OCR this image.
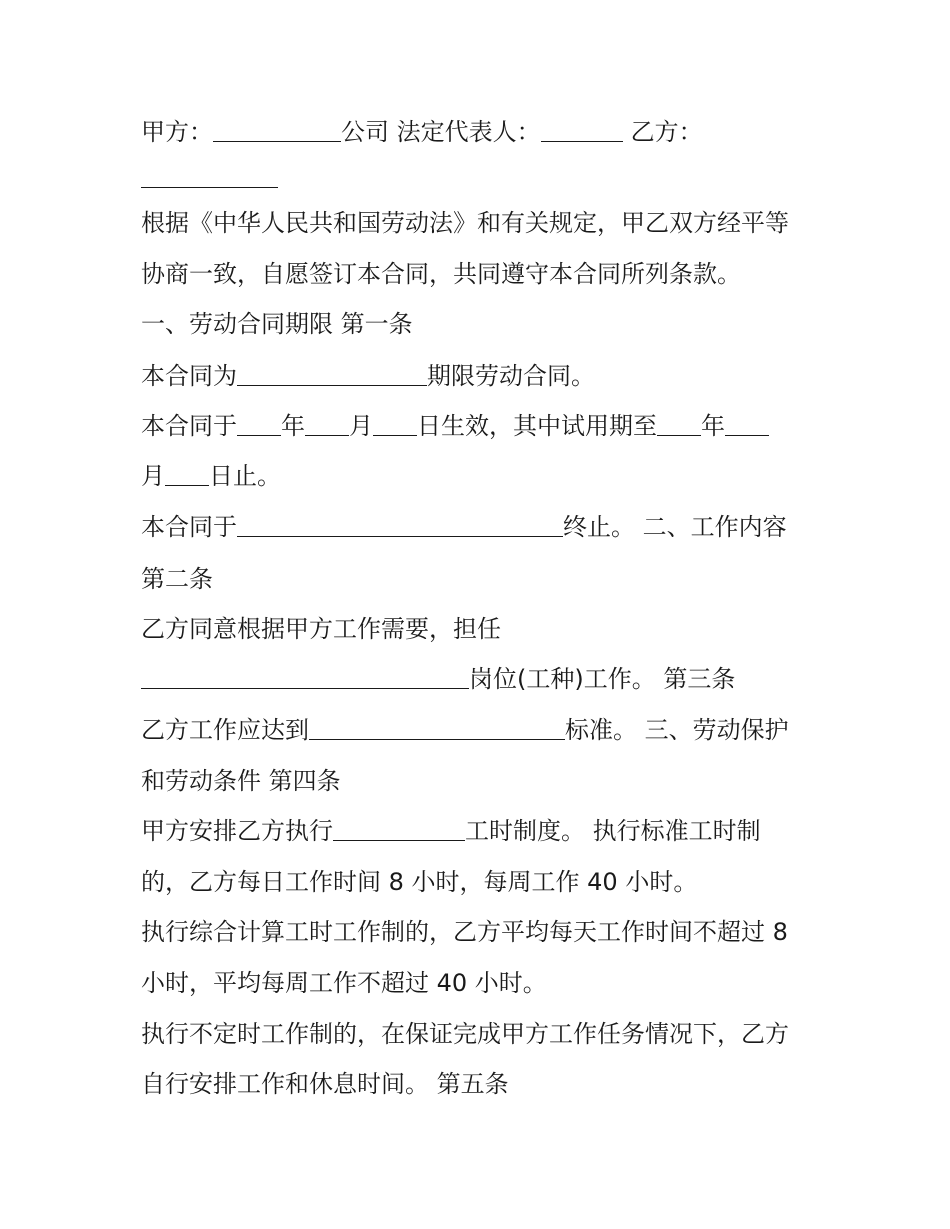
甲方：	公司 法定代表人：	乙方：
根据《中华人民共和国劳动法》和有关规定，甲乙双方经平等
协商一致，自愿签订本合同，共同遵守本合同所列条款。
一、劳动合同期限 第一条
本合同为	期限劳动合同。
本合同于 年 月 日生效，其中试用期至 年
月 日止。
本合同于	终止。 二、工作内容
第二条
乙方同意根据甲方工作需要，担任
岗位(工种)工作。 第三条
乙方工作应达到	标准。 三、劳动保护
和劳动条件 第四条
甲方安排乙方执行	工时制度。 执行标准工时制
的，乙方每日工作时间 8 小时，每周工作 40 小时。
执行综合计算工时工作制的，乙方平均每天工作时间不超过 8
小时，平均每周工作不超过 40 小时。
执行不定时工作制的，在保证完成甲方工作任务情况下，乙方
自行安排工作和休息时间。 第五条
